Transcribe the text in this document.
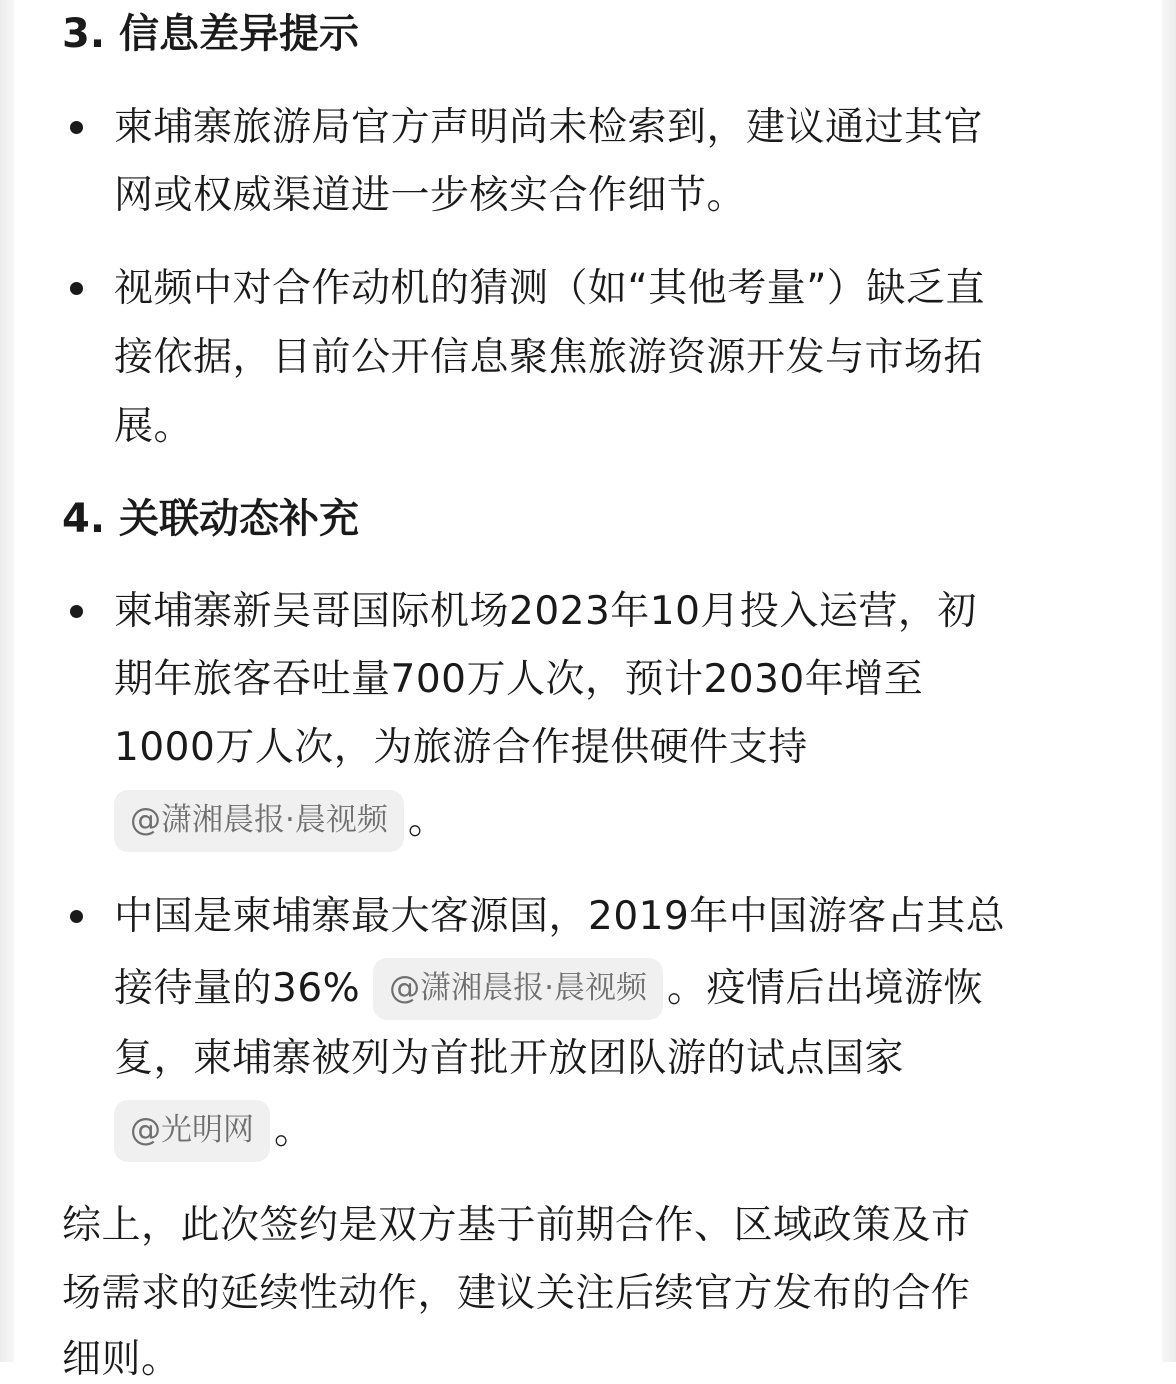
3. 信息差异提示
柬埔寨旅游局官方声明尚未检索到，建议通过其官
网或权威渠道进一步核实合作细节。
视频中对合作动机的猜测（如“其他考量”）缺乏直
接依据，目前公开信息聚焦旅游资源开发与市场拓
展。
4. 关联动态补充
柬埔寨新吴哥国际机场2023年10月投入运营，初
期年旅客吞吐量700万人次，预计2030年增至
1000万人次，为旅游合作提供硬件支持
@潇湘晨报·晨视频 。
中国是柬埔寨最大客源国，2019年中国游客占其总
接待量的36% @潇湘晨报·晨视频 。疫情后出境游恢
复，柬埔寨被列为首批开放团队游的试点国家
@光明网 。
综上，此次签约是双方基于前期合作、区域政策及市
场需求的延续性动作，建议关注后续官方发布的合作
细则。
